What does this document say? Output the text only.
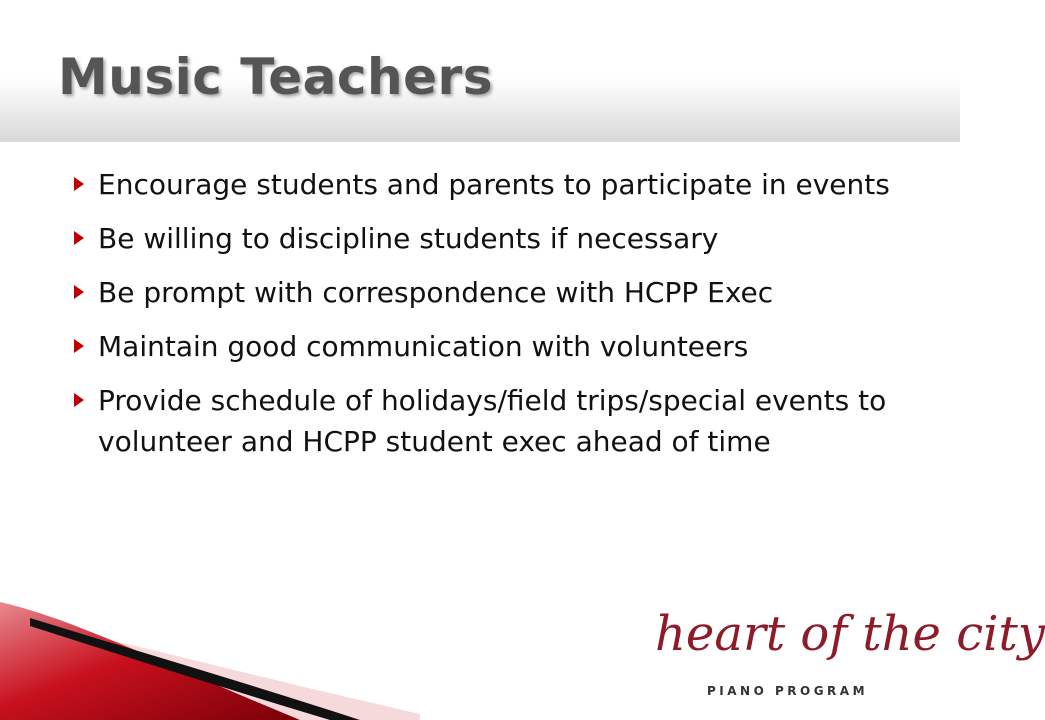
Music Teachers
Encourage students and parents to participate in events
Be willing to discipline students if necessary
Be prompt with correspondence with HCPP Exec
Maintain good communication with volunteers
Provide schedule of holidays/field trips/special events to volunteer and HCPP student exec ahead of time
heart of the city
PIANO PROGRAM
